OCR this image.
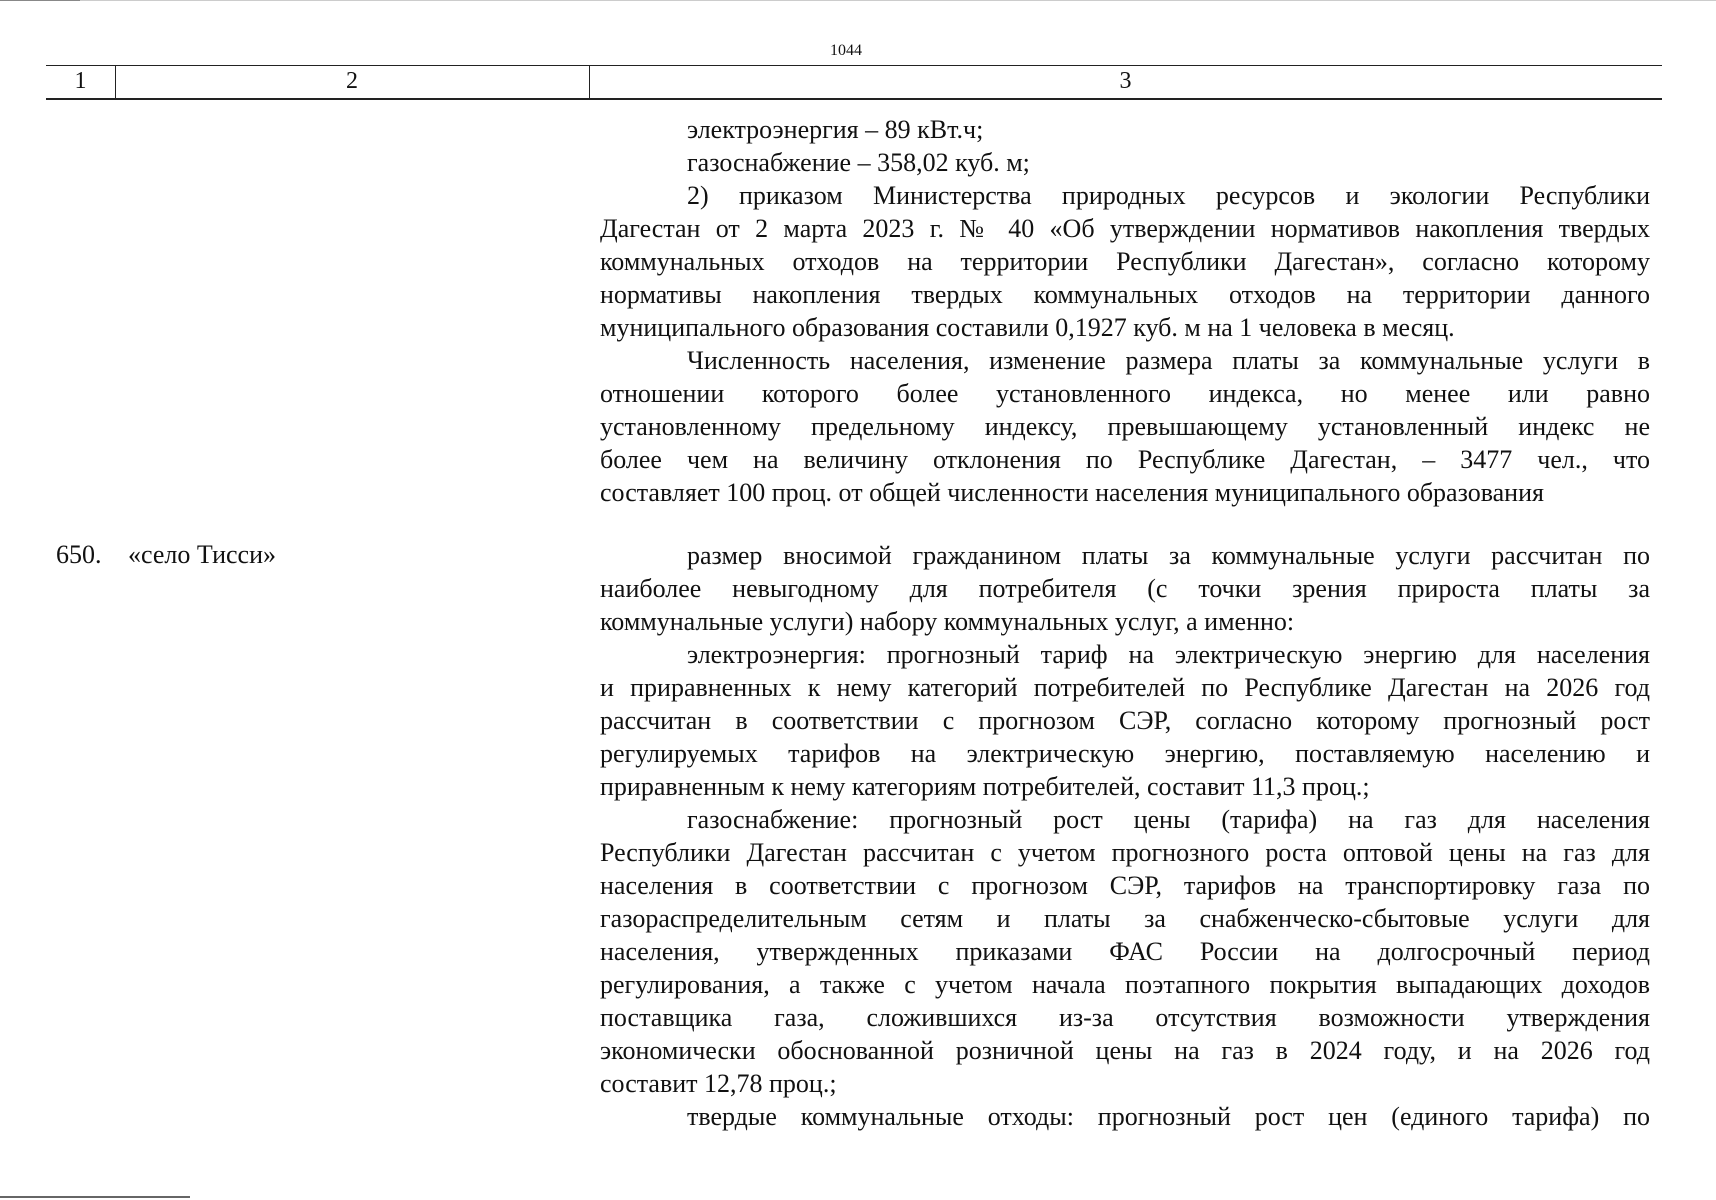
1044
1	2	3
электроэнергия – 89 кВт.ч;
газоснабжение – 358,02 куб. м;
2) приказом Министерства природных ресурсов и экологии Республики
Дагестан от 2 марта 2023 г. № 40 «Об утверждении нормативов накопления твердых
коммунальных отходов на территории Республики Дагестан», согласно которому
нормативы накопления твердых коммунальных отходов на территории данного
муниципального образования составили 0,1927 куб. м на 1 человека в месяц.
Численность населения, изменение размера платы за коммунальные услуги в
отношении которого более установленного индекса, но менее или равно
установленному предельному индексу, превышающему установленный индекс не
более чем на величину отклонения по Республике Дагестан, – 3477 чел., что
составляет 100 проц. от общей численности населения муниципального образования
650. «село Тисси»	размер вносимой гражданином платы за коммунальные услуги рассчитан по
наиболее невыгодному для потребителя (с точки зрения прироста платы за
коммунальные услуги) набору коммунальных услуг, а именно:
электроэнергия: прогнозный тариф на электрическую энергию для населения
и приравненных к нему категорий потребителей по Республике Дагестан на 2026 год
рассчитан в соответствии с прогнозом СЭР, согласно которому прогнозный рост
регулируемых тарифов на электрическую энергию, поставляемую населению и
приравненным к нему категориям потребителей, составит 11,3 проц.;
газоснабжение: прогнозный рост цены (тарифа) на газ для населения
Республики Дагестан рассчитан с учетом прогнозного роста оптовой цены на газ для
населения в соответствии с прогнозом СЭР, тарифов на транспортировку газа по
газораспределительным сетям и платы за снабженческо-сбытовые услуги для
населения, утвержденных приказами ФАС России на долгосрочный период
регулирования, а также с учетом начала поэтапного покрытия выпадающих доходов
поставщика газа, сложившихся из-за отсутствия возможности утверждения
экономически обоснованной розничной цены на газ в 2024 году, и на 2026 год
составит 12,78 проц.;
твердые коммунальные отходы: прогнозный рост цен (единого тарифа) по
